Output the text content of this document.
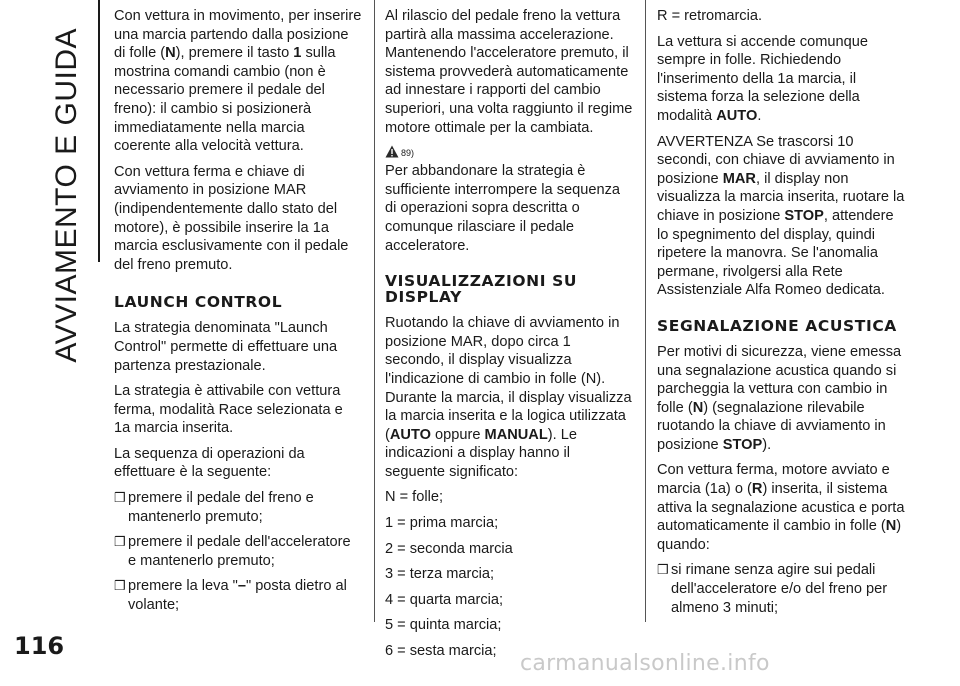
AVVIAMENTO E GUIDA

Con vettura in movimento, per inserire una marcia partendo dalla posizione di folle (N), premere il tasto 1 sulla mostrina comandi cambio (non è necessario premere il pedale del freno): il cambio si posizionerà immediatamente nella marcia coerente alla velocità vettura.

Con vettura ferma e chiave di avviamento in posizione MAR (indipendentemente dallo stato del motore), è possibile inserire la 1a marcia esclusivamente con il pedale del freno premuto.

LAUNCH CONTROL

La strategia denominata "Launch Control" permette di effettuare una partenza prestazionale.

La strategia è attivabile con vettura ferma, modalità Race selezionata e 1a marcia inserita.

La sequenza di operazioni da effettuare è la seguente:

❒ premere il pedale del freno e mantenerlo premuto;
❒ premere il pedale dell'acceleratore e mantenerlo premuto;
❒ premere la leva "–" posta dietro al volante;

Al rilascio del pedale freno la vettura partirà alla massima accelerazione. Mantenendo l'acceleratore premuto, il sistema provvederà automaticamente ad innestare i rapporti del cambio superiori, una volta raggiunto il regime motore ottimale per la cambiata.

89)

Per abbandonare la strategia è sufficiente interrompere la sequenza di operazioni sopra descritta o comunque rilasciare il pedale acceleratore.

VISUALIZZAZIONI SU DISPLAY

Ruotando la chiave di avviamento in posizione MAR, dopo circa 1 secondo, il display visualizza l'indicazione di cambio in folle (N). Durante la marcia, il display visualizza la marcia inserita e la logica utilizzata (AUTO oppure MANUAL). Le indicazioni a display hanno il seguente significato:

N = folle;

1 = prima marcia;

2 = seconda marcia

3 = terza marcia;

4 = quarta marcia;

5 = quinta marcia;

6 = sesta marcia;

R = retromarcia.

La vettura si accende comunque sempre in folle. Richiedendo l'inserimento della 1a marcia, il sistema forza la selezione della modalità AUTO.

AVVERTENZA Se trascorsi 10 secondi, con chiave di avviamento in posizione MAR, il display non visualizza la marcia inserita, ruotare la chiave in posizione STOP, attendere lo spegnimento del display, quindi ripetere la manovra. Se l'anomalia permane, rivolgersi alla Rete Assistenziale Alfa Romeo dedicata.

SEGNALAZIONE ACUSTICA

Per motivi di sicurezza, viene emessa una segnalazione acustica quando si parcheggia la vettura con cambio in folle (N) (segnalazione rilevabile ruotando la chiave di avviamento in posizione STOP).

Con vettura ferma, motore avviato e marcia (1a) o (R) inserita, il sistema attiva la segnalazione acustica e porta automaticamente il cambio in folle (N) quando:

❒ si rimane senza agire sui pedali dell'acceleratore e/o del freno per almeno 3 minuti;
116
carmanualsonline.info
